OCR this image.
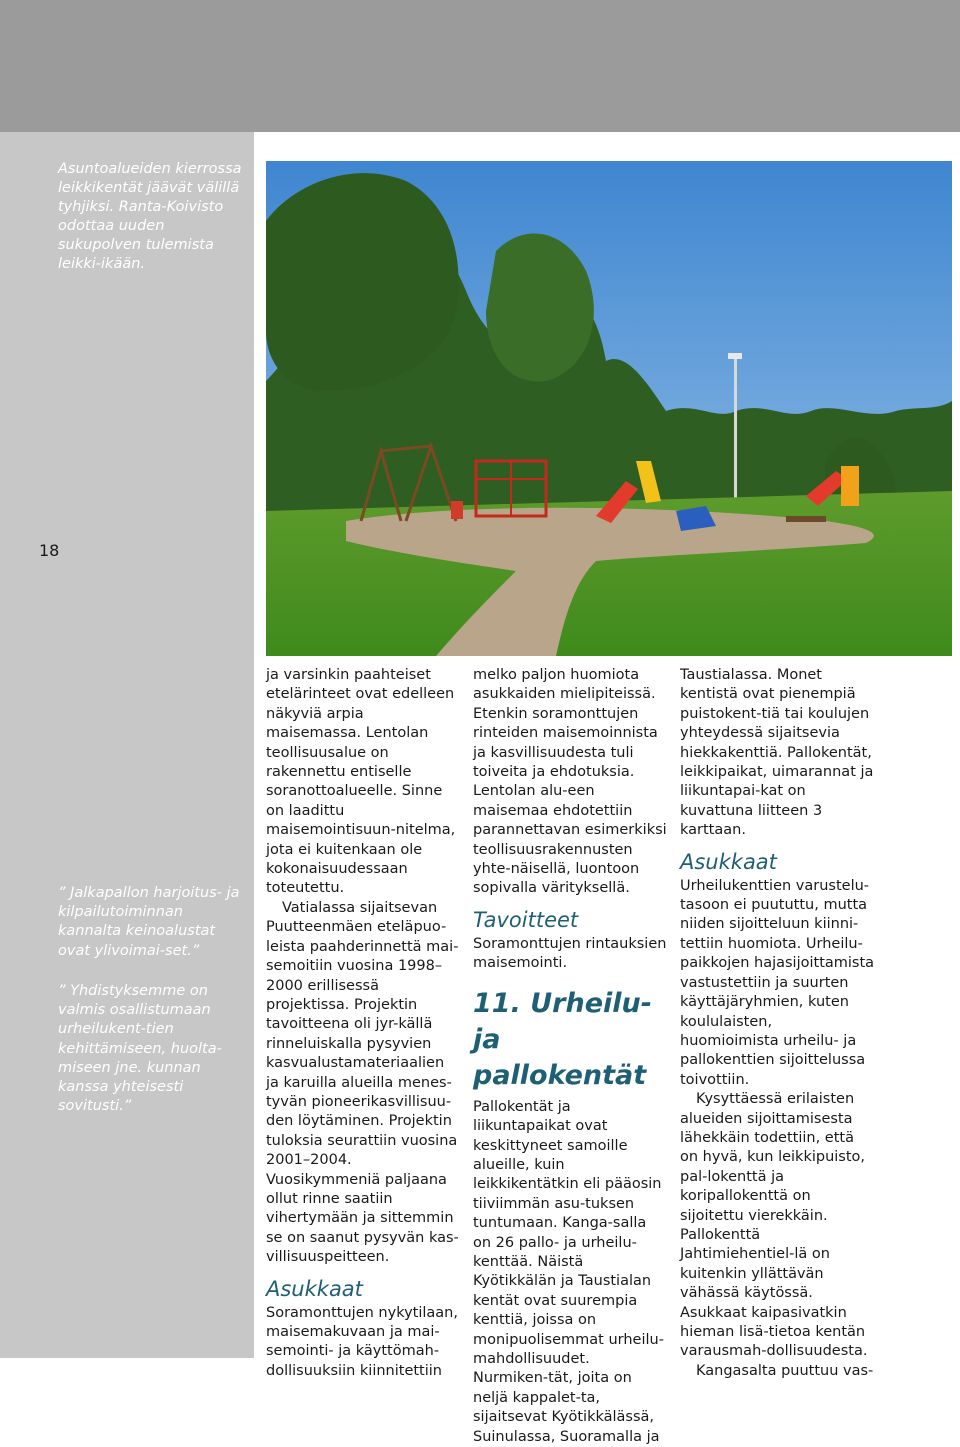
Asuntoalueiden kierrossa leikkikentät jäävät välillä tyhjiksi. Ranta-Koivisto odottaa uuden sukupolven tulemista leikki-ikään.
18
” Jalkapallon harjoitus- ja kilpailutoiminnan kannalta keinoalustat ovat ylivoimai-set.”
” Yhdistyksemme on valmis osallistumaan urheilukent-tien kehittämiseen, huolta-miseen jne. kunnan kanssa yhteisesti sovitusti.”

ja varsinkin paahteiset etelärinteet ovat edelleen näkyviä arpia maisemassa. Lentolan teollisuusalue on rakennettu entiselle soranottoalueelle. Sinne on laadittu maisemointisuun-nitelma, jota ei kuitenkaan ole kokonaisuudessaan toteutettu.

Vatialassa sijaitsevan Puutteenmäen eteläpuo-leista paahderinnettä mai-semoitiin vuosina 1998–2000 erillisessä projektissa. Projektin tavoitteena oli jyr-källä rinneluiskalla pysyvien kasvualustamateriaalien ja karuilla alueilla menes-tyvän pioneerikasvillisuu-den löytäminen. Projektin tuloksia seurattiin vuosina 2001–2004. Vuosikymmeniä paljaana ollut rinne saatiin vihertymään ja sittemmin se on saanut pysyvän kas-villisuuspeitteen.

Asukkaat

Soramonttujen nykytilaan, maisemakuvaan ja mai-semointi- ja käyttömah-dollisuuksiin kiinnitettiin

melko paljon huomiota asukkaiden mielipiteissä. Etenkin soramonttujen rinteiden maisemoinnista ja kasvillisuudesta tuli toiveita ja ehdotuksia. Lentolan alu-een maisemaa ehdotettiin parannettavan esimerkiksi teollisuusrakennusten yhte-näisellä, luontoon sopivalla värityksellä.

Tavoitteet

Soramonttujen rintauksien maisemointi.

11. Urheilu- ja pallokentät

Pallokentät ja liikuntapaikat ovat keskittyneet samoille alueille, kuin leikkikentätkin eli pääosin tiiviimmän asu-tuksen tuntumaan. Kanga-salla on 26 pallo- ja urheilu-kenttää. Näistä Kyötikkälän ja Taustialan kentät ovat suurempia kenttiä, joissa on monipuolisemmat urheilu-mahdollisuudet. Nurmiken-tät, joita on neljä kappalet-ta, sijaitsevat Kyötikkälässä, Suinulassa, Suoramalla ja

Taustialassa. Monet kentistä ovat pienempiä puistokent-tiä tai koulujen yhteydessä sijaitsevia hiekkakenttiä. Pallokentät, leikkipaikat, uimarannat ja liikuntapai-kat on kuvattuna liitteen 3 karttaan.

Asukkaat

Urheilukenttien varustelu-tasoon ei puututtu, mutta niiden sijoitteluun kiinni-tettiin huomiota. Urheilu-paikkojen hajasijoittamista vastustettiin ja suurten käyttäjäryhmien, kuten koululaisten, huomioimista urheilu- ja pallokenttien sijoittelussa toivottiin.

Kysyttäessä erilaisten alueiden sijoittamisesta lähekkäin todettiin, että on hyvä, kun leikkipuisto, pal-lokenttä ja koripallokenttä on sijoitettu vierekkäin. Pallokenttä Jahtimiehentiel-lä on kuitenkin yllättävän vähässä käytössä. Asukkaat kaipasivatkin hieman lisä-tietoa kentän varausmah-dollisuudesta.

Kangasalta puuttuu vas-
